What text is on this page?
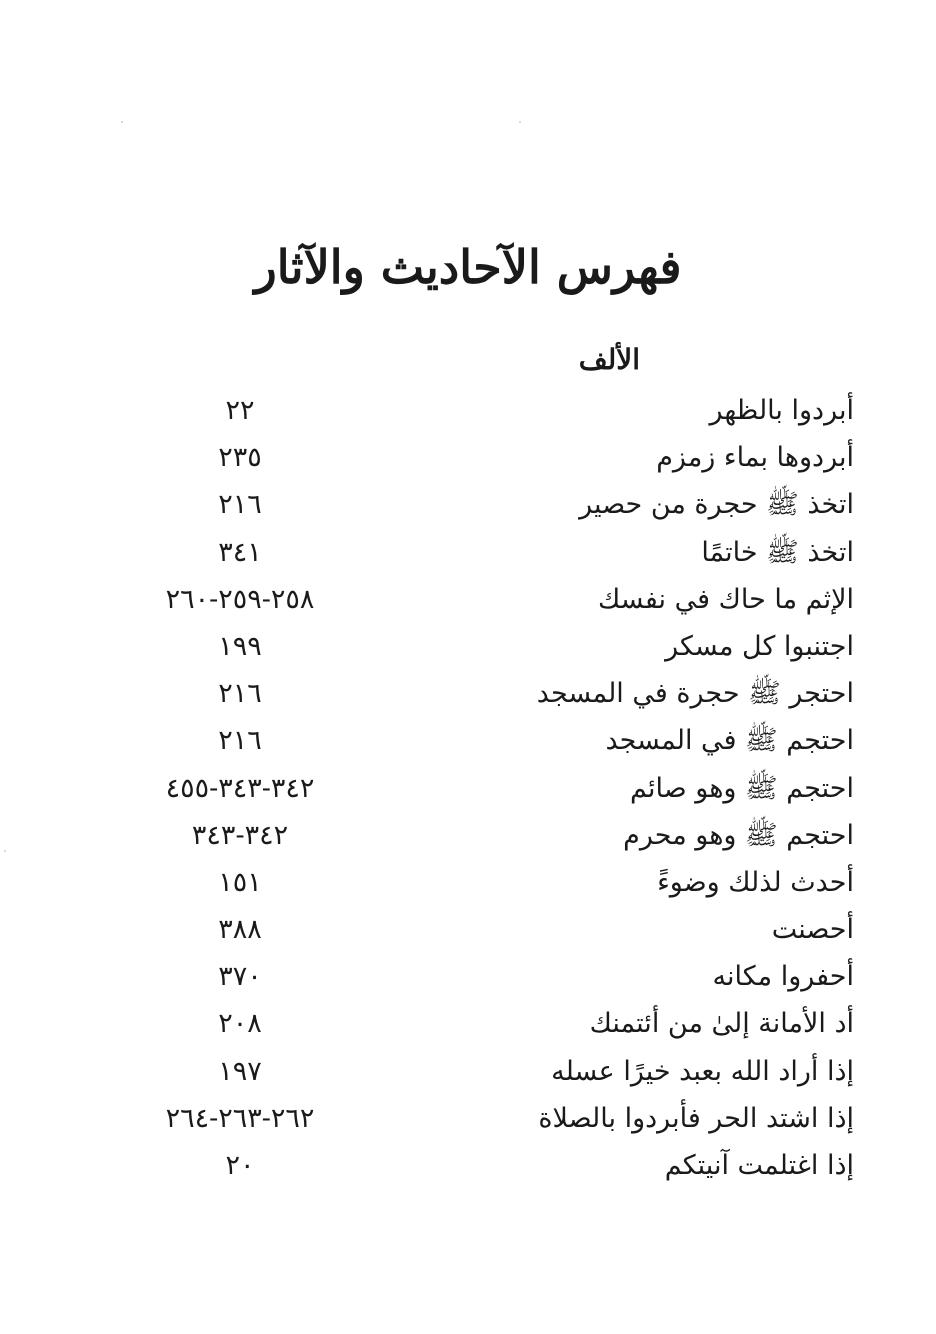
فهرس الآحاديث والآثار
الألف
أبردوا بالظهر
٢٢
أبردوها بماء زمزم
٢٣٥
اتخذ ﷺ حجرة من حصير
٢١٦
اتخذ ﷺ خاتمًا
٣٤١
الإثم ما حاك في نفسك
٢٥٨-٢٥٩-٢٦٠
اجتنبوا كل مسكر
١٩٩
احتجر ﷺ حجرة في المسجد
٢١٦
احتجم ﷺ في المسجد
٢١٦
احتجم ﷺ وهو صائم
٣٤٢-٣٤٣-٤٥٥
احتجم ﷺ وهو محرم
٣٤٢-٣٤٣
أحدث لذلك وضوءً
١٥١
أحصنت
٣٨٨
أحفروا مكانه
٣٧٠
أد الأمانة إلىٰ من أئتمنك
٢٠٨
إذا أراد الله بعبد خيرًا عسله
١٩٧
إذا اشتد الحر فأبردوا بالصلاة
٢٦٢-٢٦٣-٢٦٤
إذا اغتلمت آنيتكم
٢٠
